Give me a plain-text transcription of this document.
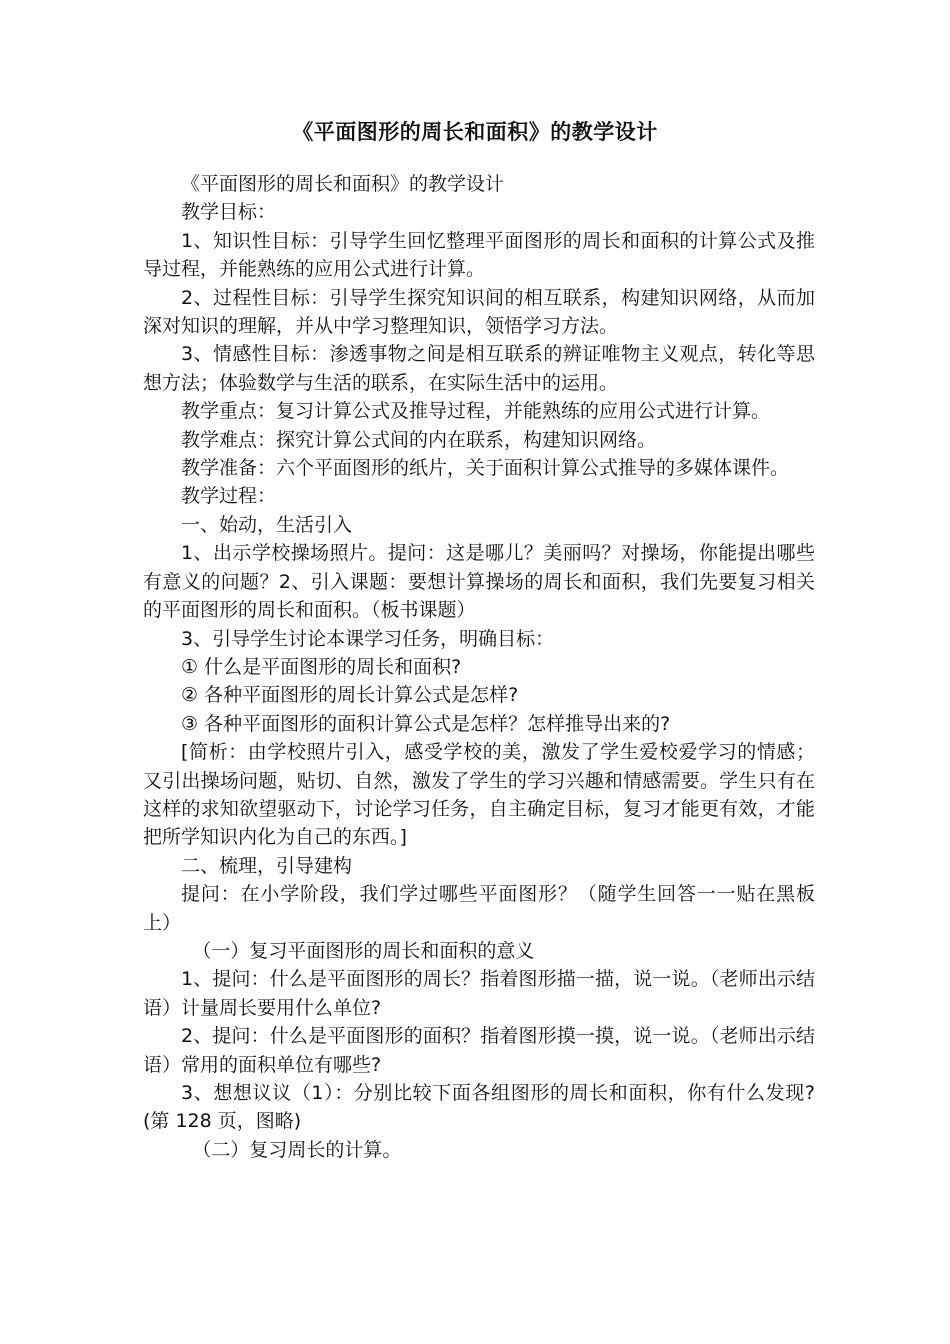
《平面图形的周长和面积》的教学设计

《平面图形的周长和面积》的教学设计

教学目标：

1、知识性目标：引导学生回忆整理平面图形的周长和面积的计算公式及推导过程，并能熟练的应用公式进行计算。

2、过程性目标：引导学生探究知识间的相互联系，构建知识网络，从而加深对知识的理解，并从中学习整理知识，领悟学习方法。

3、情感性目标：渗透事物之间是相互联系的辨证唯物主义观点，转化等思想方法；体验数学与生活的联系，在实际生活中的运用。

教学重点：复习计算公式及推导过程，并能熟练的应用公式进行计算。

教学难点：探究计算公式间的内在联系，构建知识网络。

教学准备：六个平面图形的纸片，关于面积计算公式推导的多媒体课件。

教学过程：

一、始动，生活引入

1、出示学校操场照片。提问：这是哪儿？美丽吗？对操场，你能提出哪些有意义的问题？2、引入课题：要想计算操场的周长和面积，我们先要复习相关的平面图形的周长和面积。（板书课题）

3、引导学生讨论本课学习任务，明确目标：

① 什么是平面图形的周长和面积?

② 各种平面图形的周长计算公式是怎样?

③ 各种平面图形的面积计算公式是怎样？怎样推导出来的?

[简析：由学校照片引入，感受学校的美，激发了学生爱校爱学习的情感；又引出操场问题，贴切、自然，激发了学生的学习兴趣和情感需要。学生只有在这样的求知欲望驱动下，讨论学习任务，自主确定目标，复习才能更有效，才能把所学知识内化为自己的东西。]

二、梳理，引导建构

提问：在小学阶段，我们学过哪些平面图形？（随学生回答一一贴在黑板上）

（一）复习平面图形的周长和面积的意义

1、提问：什么是平面图形的周长？指着图形描一描，说一说。（老师出示结语）计量周长要用什么单位?

2、提问：什么是平面图形的面积？指着图形摸一摸，说一说。（老师出示结语）常用的面积单位有哪些?

3、想想议议（1）：分别比较下面各组图形的周长和面积，你有什么发现? (第 128 页，图略)

（二）复习周长的计算。
